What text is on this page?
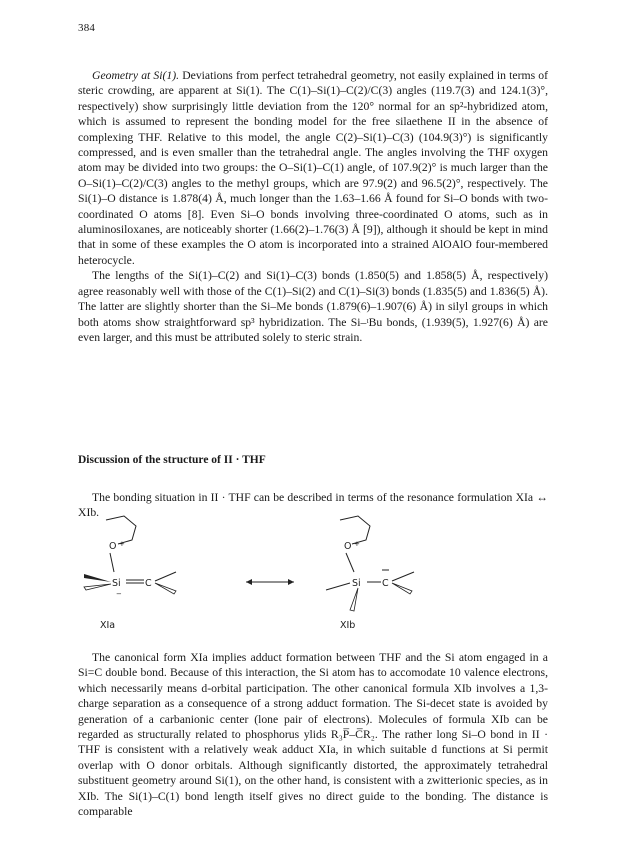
384

Geometry at Si(1). Deviations from perfect tetrahedral geometry, not easily explained in terms of steric crowding, are apparent at Si(1). The C(1)–Si(1)–C(2)/C(3) angles (119.7(3) and 124.1(3)°, respectively) show surprisingly little deviation from the 120° normal for an sp²-hybridized atom, which is assumed to represent the bonding model for the free silaethene II in the absence of complexing THF. Relative to this model, the angle C(2)–Si(1)–C(3) (104.9(3)°) is significantly compressed, and is even smaller than the tetrahedral angle. The angles involving the THF oxygen atom may be divided into two groups: the O–Si(1)–C(1) angle, of 107.9(2)° is much larger than the O–Si(1)–C(2)/C(3) angles to the methyl groups, which are 97.9(2) and 96.5(2)°, respectively. The Si(1)–O distance is 1.878(4) Å, much longer than the 1.63–1.66 Å found for Si–O bonds with two-coordinated O atoms [8]. Even Si–O bonds involving three-coordinated O atoms, such as in aluminosiloxanes, are noticeably shorter (1.66(2)–1.76(3) Å [9]), although it should be kept in mind that in some of these examples the O atom is incorporated into a strained AlOAlO four-membered heterocycle.

The lengths of the Si(1)–C(2) and Si(1)–C(3) bonds (1.850(5) and 1.858(5) Å, respectively) agree reasonably well with those of the C(1)–Si(2) and C(1)–Si(3) bonds (1.835(5) and 1.836(5) Å). The latter are slightly shorter than the Si–Me bonds (1.879(6)–1.907(6) Å) in silyl groups in which both atoms show straightforward sp³ hybridization. The Si–ᵗBu bonds, (1.939(5), 1.927(6) Å) are even larger, and this must be attributed solely to steric strain.

Discussion of the structure of II · THF

The bonding situation in II · THF can be described in terms of the resonance formulation XIa ↔ XIb.

O +
Si
−
C
O +
Si C
XIa	XIb

The canonical form XIa implies adduct formation between THF and the Si atom engaged in a Si=C double bond. Because of this interaction, the Si atom has to accomodate 10 valence electrons, which necessarily means d-orbital participation. The other canonical formula XIb involves a 1,3-charge separation as a consequence of a strong adduct formation. The Si-decet state is avoided by generation of a carbanionic center (lone pair of electrons). Molecules of formula XIb can be regarded as structurally related to phosphorus ylids R₃P̅–C̅R₂. The rather long Si–O bond in II · THF is consistent with a relatively weak adduct XIa, in which suitable d functions at Si permit overlap with O donor orbitals. Although significantly distorted, the approximately tetrahedral substituent geometry around Si(1), on the other hand, is consistent with a zwitterionic species, as in XIb. The Si(1)–C(1) bond length itself gives no direct guide to the bonding. The distance is comparable
